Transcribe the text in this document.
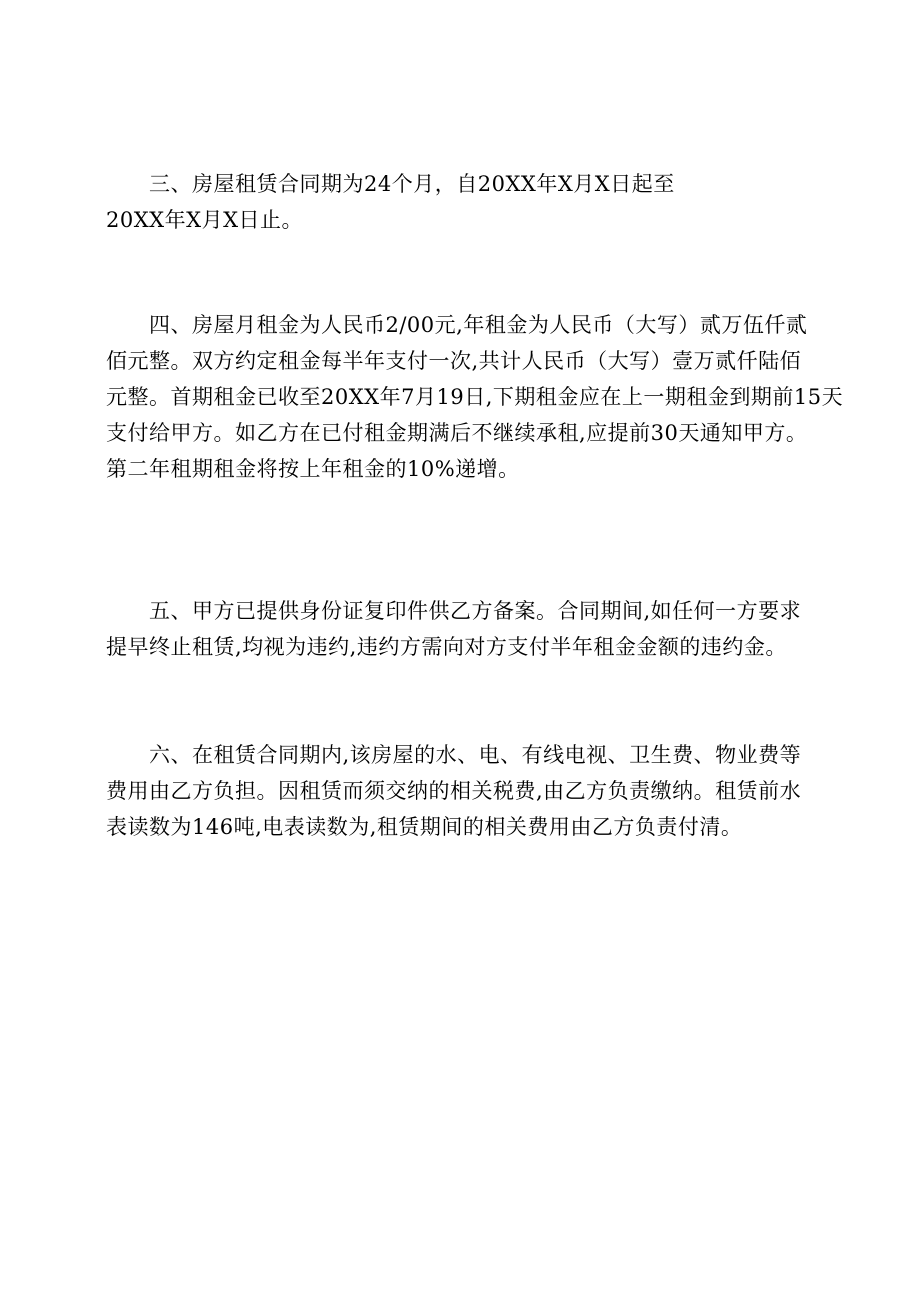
　　三、房屋租赁合同期为24个月，自20XX年X月X日起至
20XX年X月X日止。

　　四、房屋月租金为人民币2/00元,年租金为人民币（大写）贰万伍仟贰
佰元整。双方约定租金每半年支付一次,共计人民币（大写）壹万贰仟陆佰
元整。首期租金已收至20XX年7月19日,下期租金应在上一期租金到期前15天
支付给甲方。如乙方在已付租金期满后不继续承租,应提前30天通知甲方。
第二年租期租金将按上年租金的10%递增。

　　五、甲方已提供身份证复印件供乙方备案。合同期间,如任何一方要求
提早终止租赁,均视为违约,违约方需向对方支付半年租金金额的违约金。

　　六、在租赁合同期内,该房屋的水、电、有线电视、卫生费、物业费等
费用由乙方负担。因租赁而须交纳的相关税费,由乙方负责缴纳。租赁前水
表读数为146吨,电表读数为,租赁期间的相关费用由乙方负责付清。
